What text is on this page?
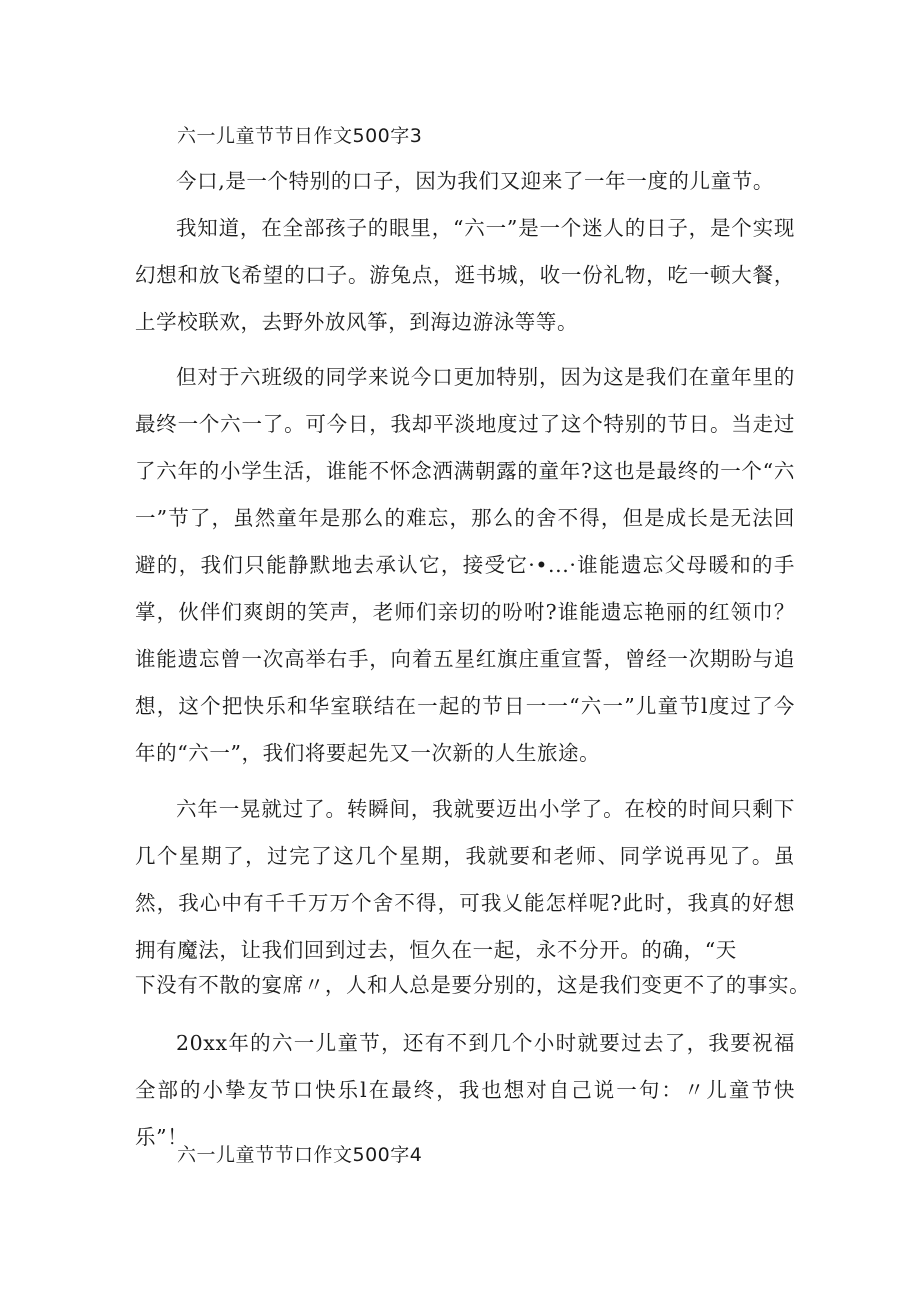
六一儿童节节日作文500字3

今口,是一个特别的口子，因为我们又迎来了一年一度的儿童节。

我知道，在全部孩子的眼里，“六一”是一个迷人的日子，是个实现幻想和放飞希望的口子。游兔点，逛书城，收一份礼物，吃一顿大餐，上学校联欢，去野外放风筝，到海边游泳等等。

但对于六班级的同学来说今口更加特别，因为这是我们在童年里的最终一个六一了。可今日，我却平淡地度过了这个特别的节日。当走过了六年的小学生活，谁能不怀念洒满朝露的童年?这也是最终的一个“六一”节了，虽然童年是那么的难忘，那么的舍不得，但是成长是无法回避的，我们只能静默地去承认它，接受它·•...·谁能遗忘父母暖和的手掌，伙伴们爽朗的笑声，老师们亲切的吩咐?谁能遗忘艳丽的红领巾？谁能遗忘曾一次高举右手，向着五星红旗庄重宣誓，曾经一次期盼与追想，这个把快乐和华室联结在一起的节日一一“六一”儿童节l度过了今年的“六一”，我们将要起先又一次新的人生旅途。

六年一晃就过了。转瞬间，我就要迈出小学了。在校的时间只剩下几个星期了，过完了这几个星期，我就要和老师、同学说再见了。虽然，我心中有千千万万个舍不得，可我乂能怎样呢?此时，我真的好想拥有魔法，让我们回到过去，恒久在一起，永不分开。的确，“天

下没有不散的宴席〃，人和人总是要分别的，这是我们变更不了的事实。

20xx年的六一儿童节，还有不到几个小时就要过去了，我要祝福全部的小挚友节口快乐l在最终，我也想对自己说一句：〃儿童节快乐”！

六一儿童节节口作文500字4
